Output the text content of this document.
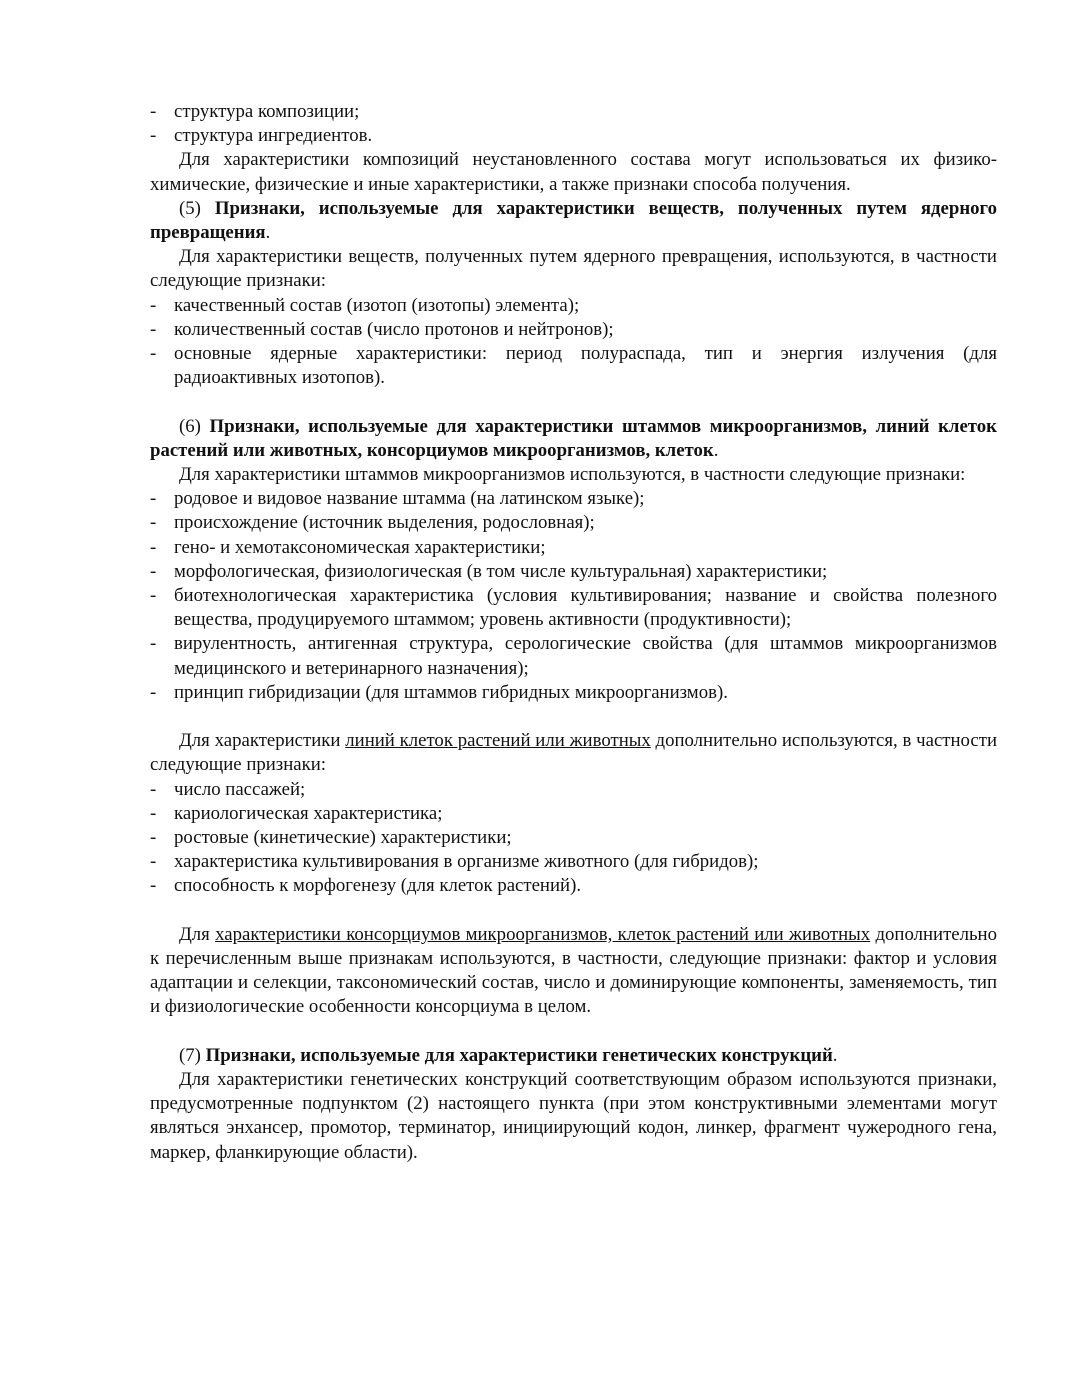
- структура композиции;
- структура ингредиентов.

Для характеристики композиций неустановленного состава могут использоваться их физико-химические, физические и иные характеристики, а также признаки способа получения.

(5) Признаки, используемые для характеристики веществ, полученных путем ядерного превращения.

Для характеристики веществ, полученных путем ядерного превращения, используются, в частности следующие признаки:

- качественный состав (изотоп (изотопы) элемента);
- количественный состав (число протонов и нейтронов);
- основные ядерные характеристики: период полураспада, тип и энергия излучения (для радиоактивных изотопов).

(6) Признаки, используемые для характеристики штаммов микроорганизмов, линий клеток растений или животных, консорциумов микроорганизмов, клеток.

Для характеристики штаммов микроорганизмов используются, в частности следующие признаки:

- родовое и видовое название штамма (на латинском языке);
- происхождение (источник выделения, родословная);
- гено- и хемотаксономическая характеристики;
- морфологическая, физиологическая (в том числе культуральная) характеристики;
- биотехнологическая характеристика (условия культивирования; название и свойства полезного вещества, продуцируемого штаммом; уровень активности (продуктивности);
- вирулентность, антигенная структура, серологические свойства (для штаммов микроорганизмов медицинского и ветеринарного назначения);
- принцип гибридизации (для штаммов гибридных микроорганизмов).

Для характеристики линий клеток растений или животных дополнительно используются, в частности следующие признаки:

- число пассажей;
- кариологическая характеристика;
- ростовые (кинетические) характеристики;
- характеристика культивирования в организме животного (для гибридов);
- способность к морфогенезу (для клеток растений).

Для характеристики консорциумов микроорганизмов, клеток растений или животных дополнительно к перечисленным выше признакам используются, в частности, следующие признаки: фактор и условия адаптации и селекции, таксономический состав, число и доминирующие компоненты, заменяемость, тип и физиологические особенности консорциума в целом.

(7) Признаки, используемые для характеристики генетических конструкций.

Для характеристики генетических конструкций соответствующим образом используются признаки, предусмотренные подпунктом (2) настоящего пункта (при этом конструктивными элементами могут являться энхансер, промотор, терминатор, инициирующий кодон, линкер, фрагмент чужеродного гена, маркер, фланкирующие области).
